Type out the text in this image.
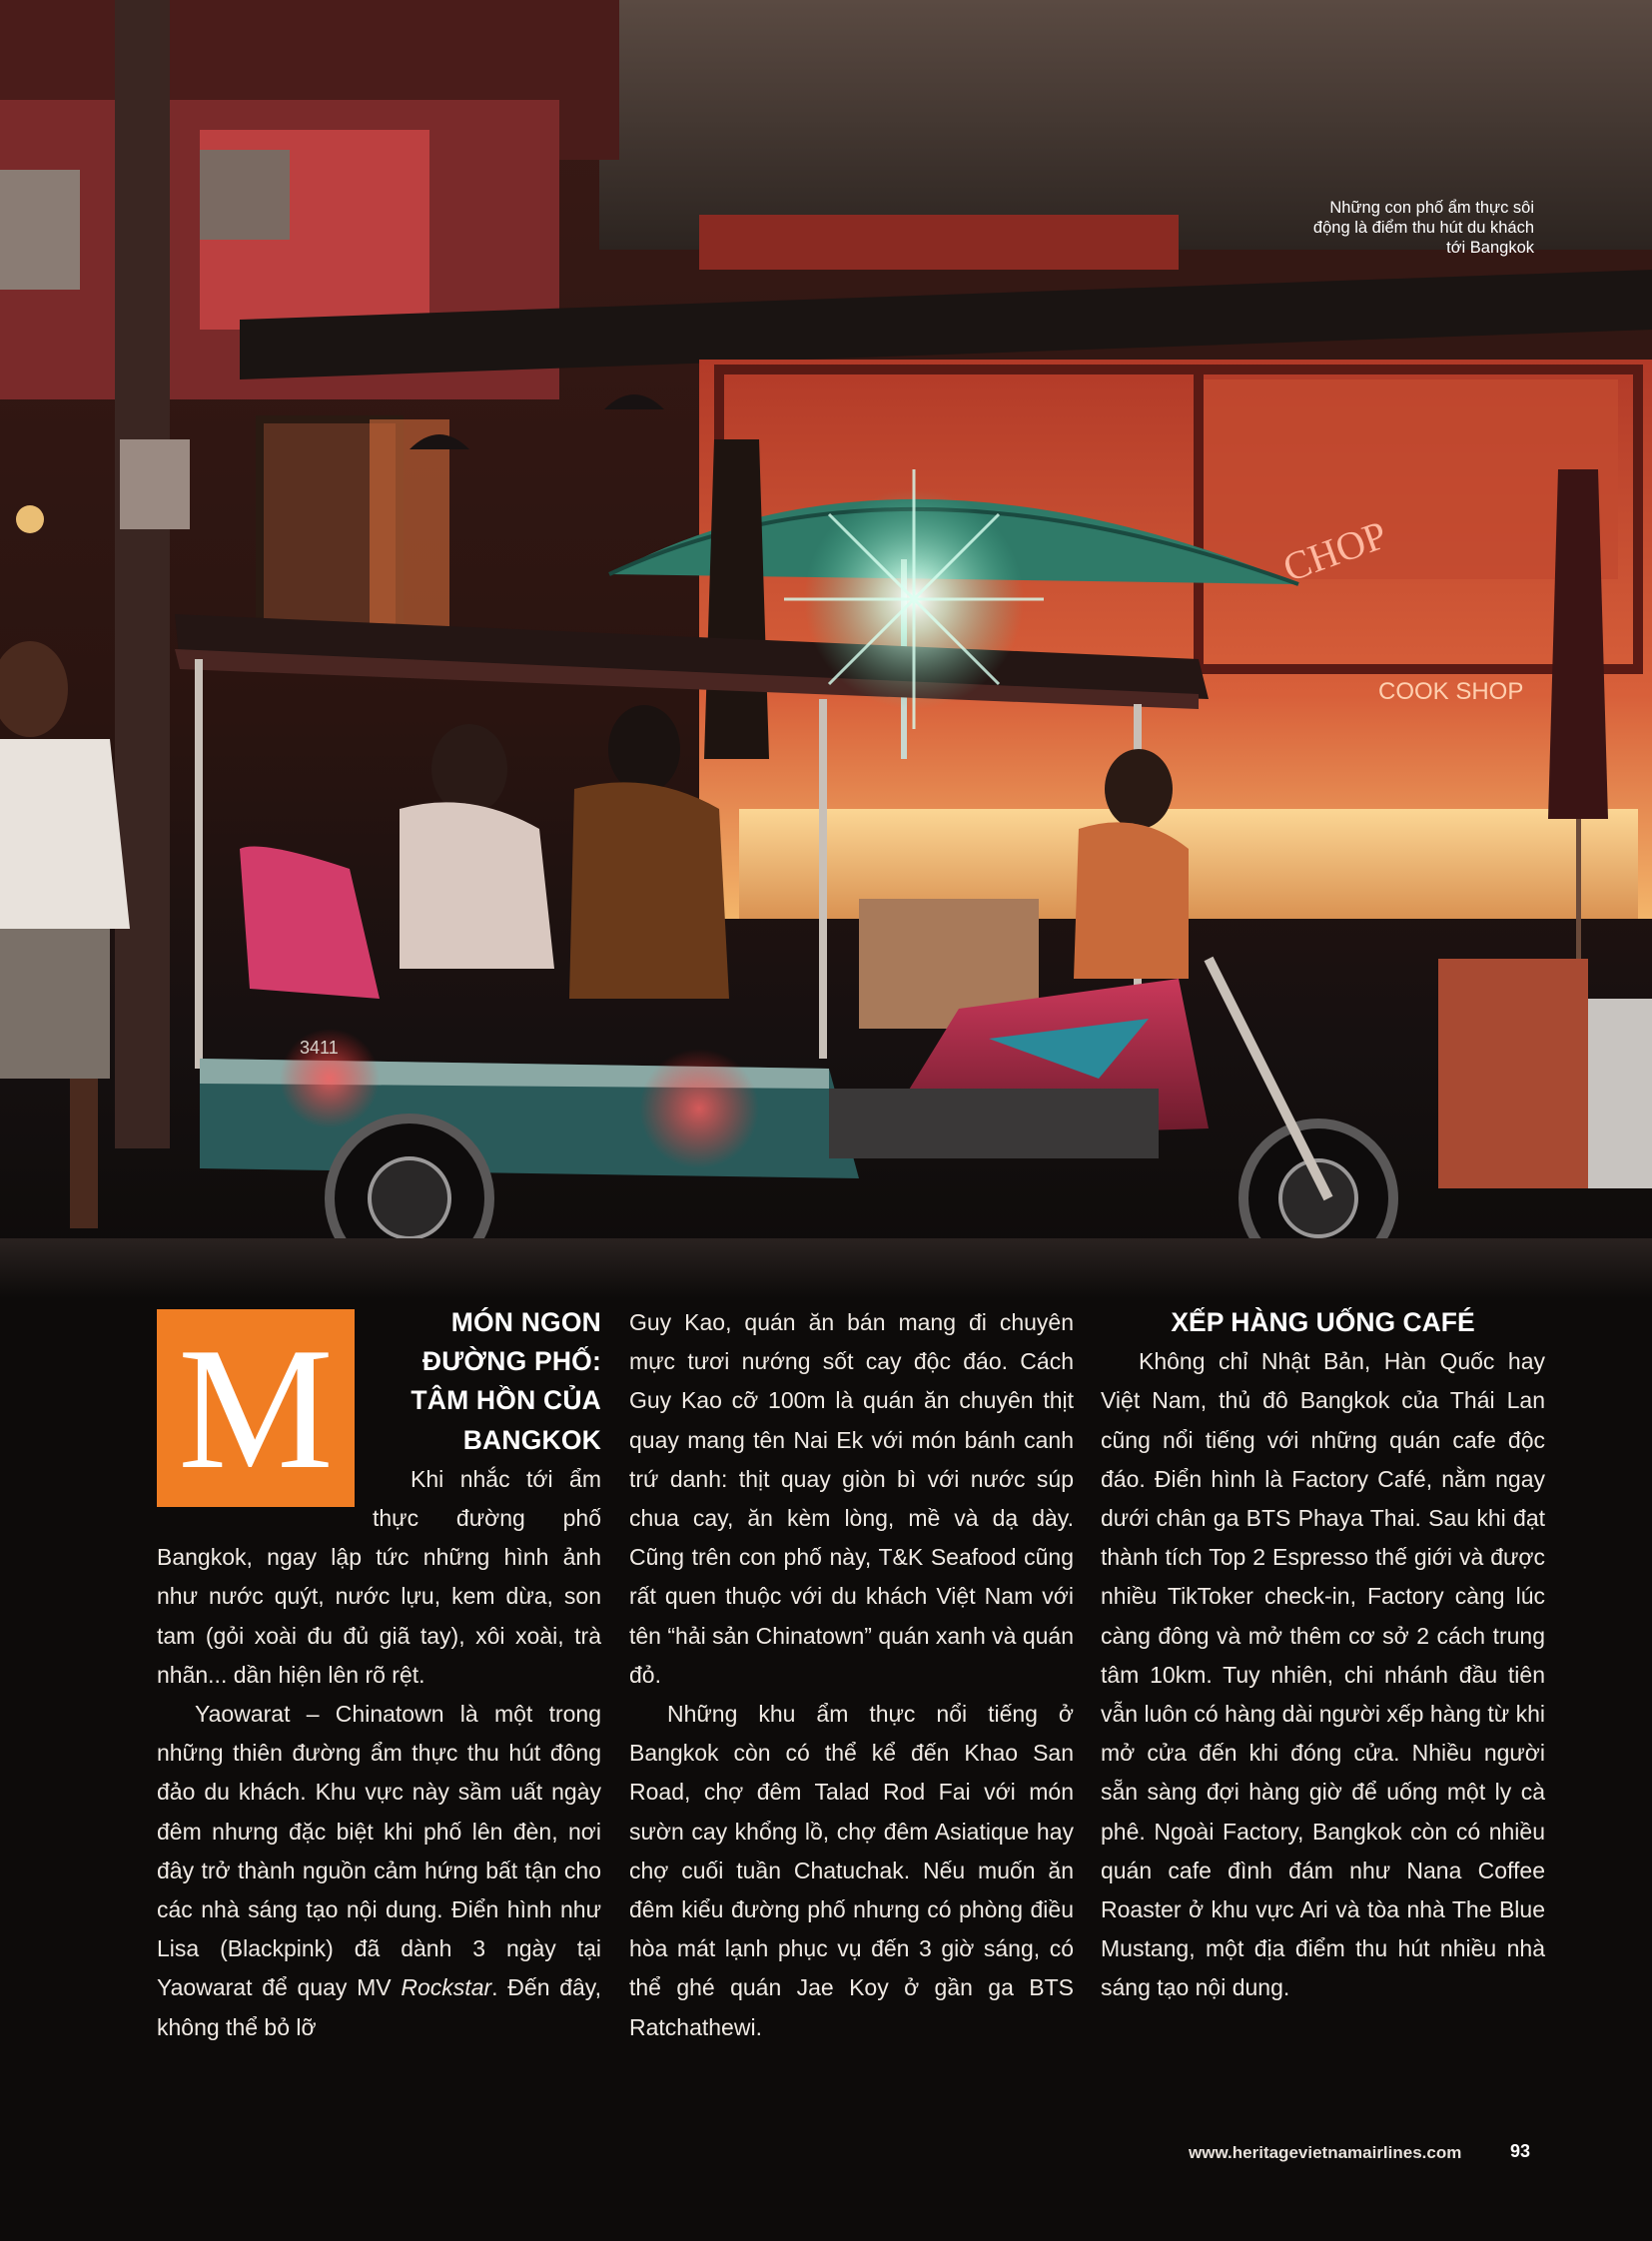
CHOP
COOK SHOP
3411
Những con phố ẩm thực sôi động là điểm thu hút du khách tới Bangkok
M	MÓN NGON ĐƯỜNG PHỐ: TÂM HỒN CỦA BANGKOK

Khi nhắc tới ẩm thực đường phố Bangkok, ngay lập tức những hình ảnh như nước quýt, nước lựu, kem dừa, son tam (gỏi xoài đu đủ giã tay), xôi xoài, trà nhãn... dần hiện lên rõ rệt.

Yaowarat – Chinatown là một trong những thiên đường ẩm thực thu hút đông đảo du khách. Khu vực này sầm uất ngày đêm nhưng đặc biệt khi phố lên đèn, nơi đây trở thành nguồn cảm hứng bất tận cho các nhà sáng tạo nội dung. Điển hình như Lisa (Blackpink) đã dành 3 ngày tại Yaowarat để quay MV Rockstar. Đến đây, không thể bỏ lỡ

Guy Kao, quán ăn bán mang đi chuyên mực tươi nướng sốt cay độc đáo. Cách Guy Kao cỡ 100m là quán ăn chuyên thịt quay mang tên Nai Ek với món bánh canh trứ danh: thịt quay giòn bì với nước súp chua cay, ăn kèm lòng, mề và dạ dày. Cũng trên con phố này, T&K Seafood cũng rất quen thuộc với du khách Việt Nam với tên “hải sản Chinatown” quán xanh và quán đỏ.

Những khu ẩm thực nổi tiếng ở Bangkok còn có thể kể đến Khao San Road, chợ đêm Talad Rod Fai với món sườn cay khổng lồ, chợ đêm Asiatique hay chợ cuối tuần Chatuchak. Nếu muốn ăn đêm kiểu đường phố nhưng có phòng điều hòa mát lạnh phục vụ đến 3 giờ sáng, có thể ghé quán Jae Koy ở gần ga BTS Ratchathewi.

XẾP HÀNG UỐNG CAFÉ

Không chỉ Nhật Bản, Hàn Quốc hay Việt Nam, thủ đô Bangkok của Thái Lan cũng nổi tiếng với những quán cafe độc đáo. Điển hình là Factory Café, nằm ngay dưới chân ga BTS Phaya Thai. Sau khi đạt thành tích Top 2 Espresso thế giới và được nhiều TikToker check-in, Factory càng lúc càng đông và mở thêm cơ sở 2 cách trung tâm 10km. Tuy nhiên, chi nhánh đầu tiên vẫn luôn có hàng dài người xếp hàng từ khi mở cửa đến khi đóng cửa. Nhiều người sẵn sàng đợi hàng giờ để uống một ly cà phê. Ngoài Factory, Bangkok còn có nhiều quán cafe đình đám như Nana Coffee Roaster ở khu vực Ari và tòa nhà The Blue Mustang, một địa điểm thu hút nhiều nhà sáng tạo nội dung.

www.heritagevietnamairlines.com	93
